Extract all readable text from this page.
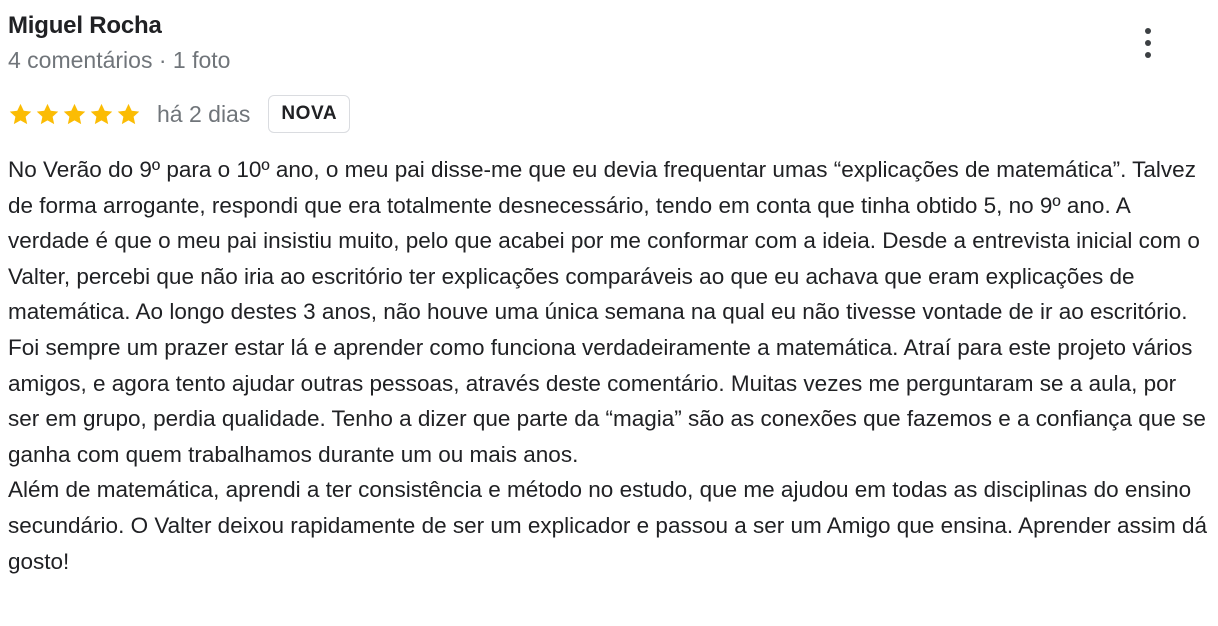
Miguel Rocha
4 comentários · 1 foto
há 2 dias	NOVA

No Verão do 9º para o 10º ano, o meu pai disse-me que eu devia frequentar umas “explicações de matemática”. Talvez de forma arrogante, respondi que era totalmente desnecessário, tendo em conta que tinha obtido 5, no 9º ano. A verdade é que o meu pai insistiu muito, pelo que acabei por me conformar com a ideia. Desde a entrevista inicial com o Valter, percebi que não iria ao escritório ter explicações comparáveis ao que eu achava que eram explicações de matemática. Ao longo destes 3 anos, não houve uma única semana na qual eu não tivesse vontade de ir ao escritório. Foi sempre um prazer estar lá e aprender como funciona verdadeiramente a matemática. Atraí para este projeto vários amigos, e agora tento ajudar outras pessoas, através deste comentário. Muitas vezes me perguntaram se a aula, por ser em grupo, perdia qualidade. Tenho a dizer que parte da “magia” são as conexões que fazemos e a confiança que se ganha com quem trabalhamos durante um ou mais anos.

Além de matemática, aprendi a ter consistência e método no estudo, que me ajudou em todas as disciplinas do ensino secundário. O Valter deixou rapidamente de ser um explicador e passou a ser um Amigo que ensina. Aprender assim dá gosto!
